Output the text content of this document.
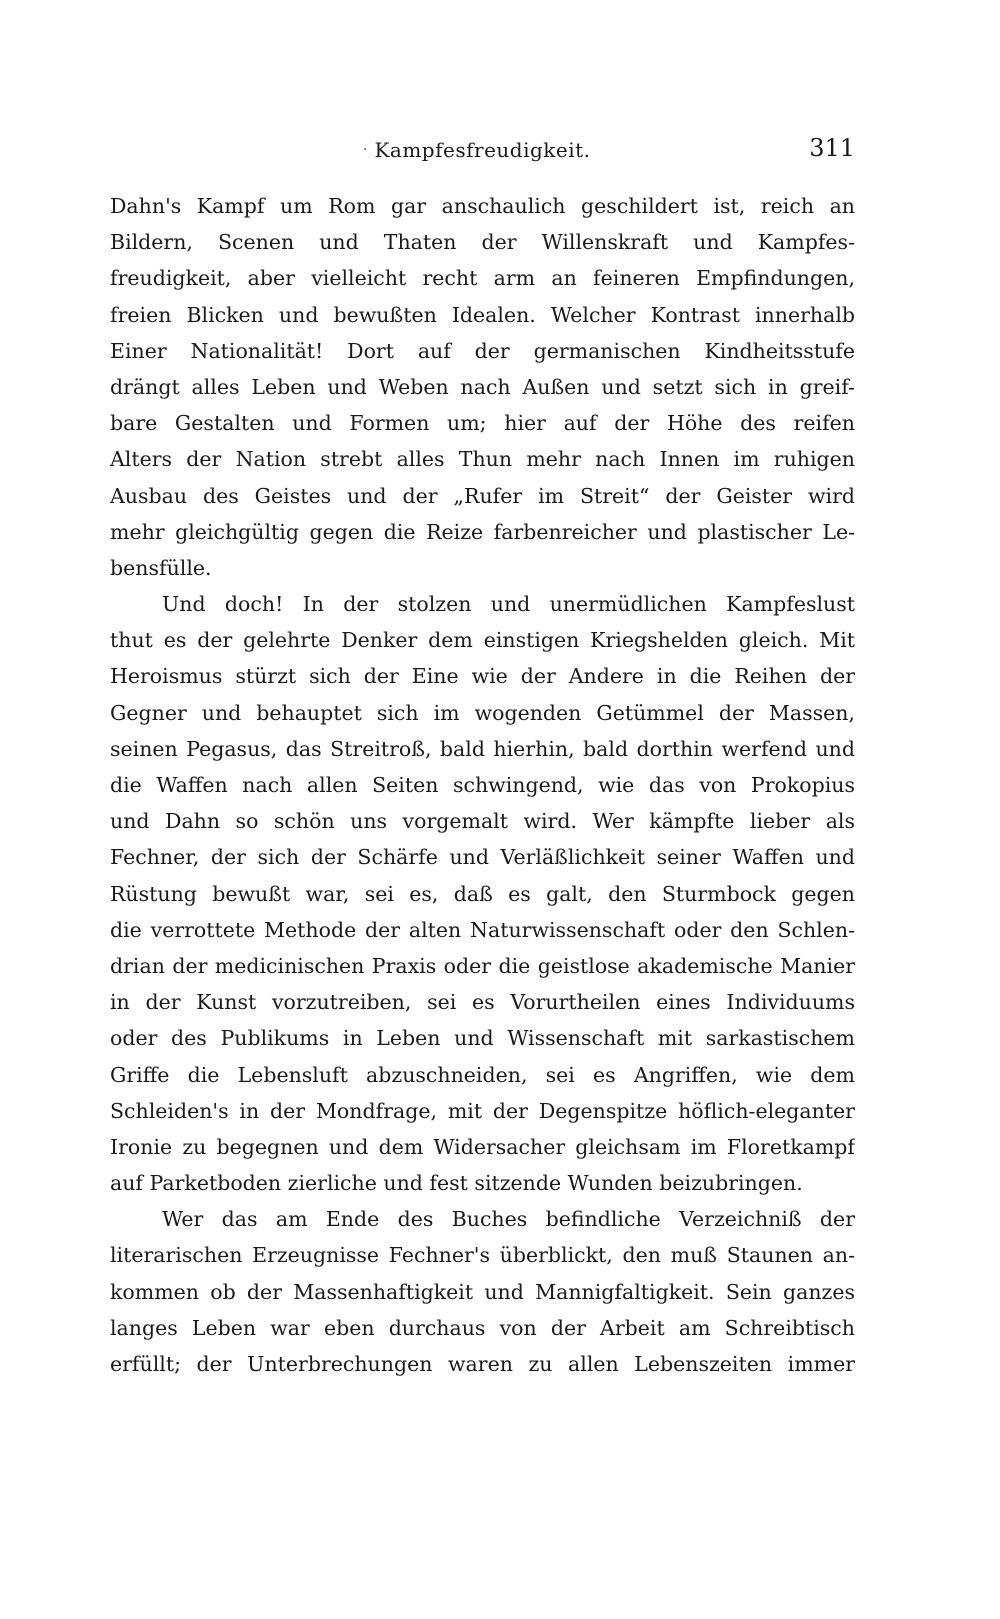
· Kampfesfreudigkeit.	311
Dahn's Kampf um Rom gar anschaulich geschildert ist, reich an
Bildern, Scenen und Thaten der Willenskraft und Kampfes-
freudigkeit, aber vielleicht recht arm an feineren Empfindungen,
freien Blicken und bewußten Idealen. Welcher Kontrast innerhalb
Einer Nationalität! Dort auf der germanischen Kindheitsstufe
drängt alles Leben und Weben nach Außen und setzt sich in greif-
bare Gestalten und Formen um; hier auf der Höhe des reifen
Alters der Nation strebt alles Thun mehr nach Innen im ruhigen
Ausbau des Geistes und der „Rufer im Streit“ der Geister wird
mehr gleichgültig gegen die Reize farbenreicher und plastischer Le-
bensfülle.
Und doch! In der stolzen und unermüdlichen Kampfeslust
thut es der gelehrte Denker dem einstigen Kriegshelden gleich. Mit
Heroismus stürzt sich der Eine wie der Andere in die Reihen der
Gegner und behauptet sich im wogenden Getümmel der Massen,
seinen Pegasus, das Streitroß, bald hierhin, bald dorthin werfend und
die Waffen nach allen Seiten schwingend, wie das von Prokopius
und Dahn so schön uns vorgemalt wird. Wer kämpfte lieber als
Fechner, der sich der Schärfe und Verläßlichkeit seiner Waffen und
Rüstung bewußt war, sei es, daß es galt, den Sturmbock gegen
die verrottete Methode der alten Naturwissenschaft oder den Schlen-
drian der medicinischen Praxis oder die geistlose akademische Manier
in der Kunst vorzutreiben, sei es Vorurtheilen eines Individuums
oder des Publikums in Leben und Wissenschaft mit sarkastischem
Griffe die Lebensluft abzuschneiden, sei es Angriffen, wie dem
Schleiden's in der Mondfrage, mit der Degenspitze höflich-eleganter
Ironie zu begegnen und dem Widersacher gleichsam im Floretkampf
auf Parketboden zierliche und fest sitzende Wunden beizubringen.
Wer das am Ende des Buches befindliche Verzeichniß der
literarischen Erzeugnisse Fechner's überblickt, den muß Staunen an-
kommen ob der Massenhaftigkeit und Mannigfaltigkeit. Sein ganzes
langes Leben war eben durchaus von der Arbeit am Schreibtisch
erfüllt; der Unterbrechungen waren zu allen Lebenszeiten immer
